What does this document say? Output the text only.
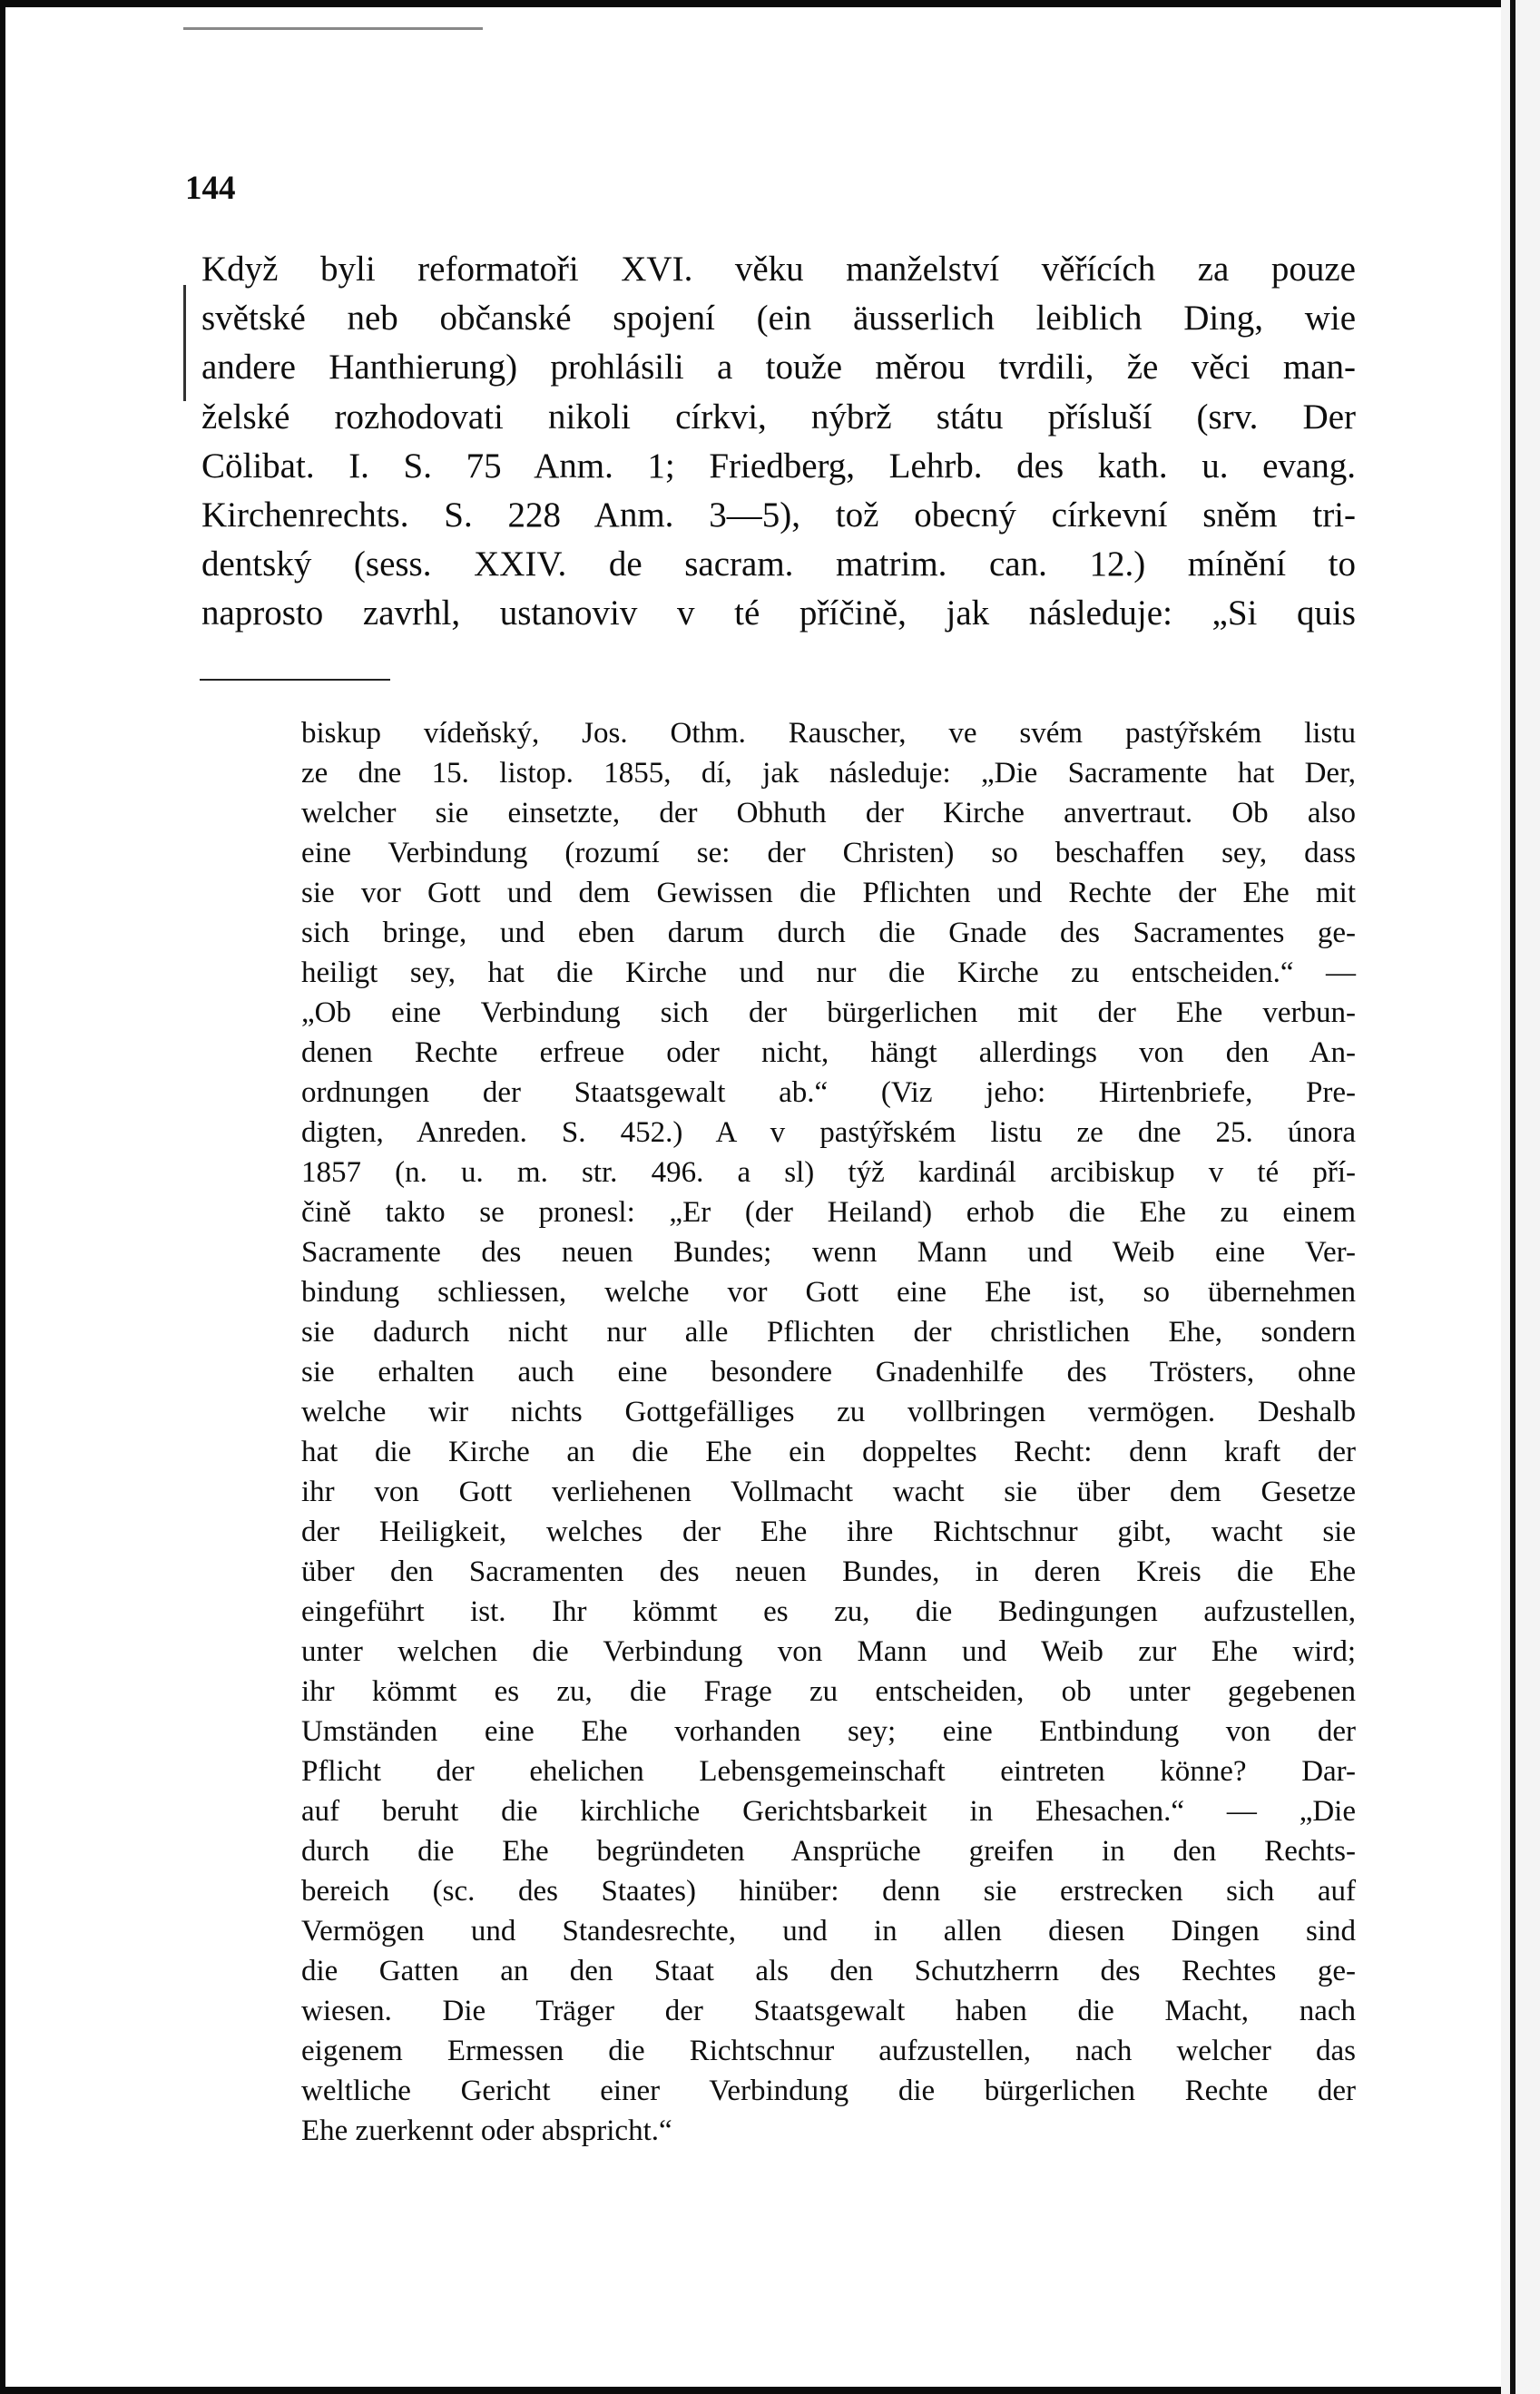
144
Když byli reformatoři XVI. věku manželství věřících za pouze
světské neb občanské spojení (ein äusserlich leiblich Ding, wie
andere Hanthierung) prohlásili a touže měrou tvrdili, že věci man-
želské rozhodovati nikoli církvi, nýbrž státu přísluší (srv. Der
Cölibat. I. S. 75 Anm. 1; Friedberg, Lehrb. des kath. u. evang.
Kirchenrechts. S. 228 Anm. 3—5), tož obecný církevní sněm tri-
dentský (sess. XXIV. de sacram. matrim. can. 12.) mínění to
naprosto zavrhl, ustanoviv v té příčině, jak následuje: „Si quis
biskup vídeňský, Jos. Othm. Rauscher, ve svém pastýřském listu
ze dne 15. listop. 1855, dí, jak následuje: „Die Sacramente hat Der,
welcher sie einsetzte, der Obhuth der Kirche anvertraut. Ob also
eine Verbindung (rozumí se: der Christen) so beschaffen sey, dass
sie vor Gott und dem Gewissen die Pflichten und Rechte der Ehe mit
sich bringe, und eben darum durch die Gnade des Sacramentes ge-
heiligt sey, hat die Kirche und nur die Kirche zu entscheiden.“ —
„Ob eine Verbindung sich der bürgerlichen mit der Ehe verbun-
denen Rechte erfreue oder nicht, hängt allerdings von den An-
ordnungen der Staatsgewalt ab.“ (Viz jeho: Hirtenbriefe, Pre-
digten, Anreden. S. 452.) A v pastýřském listu ze dne 25. února
1857 (n. u. m. str. 496. a sl) týž kardinál arcibiskup v té pří-
čině takto se pronesl: „Er (der Heiland) erhob die Ehe zu einem
Sacramente des neuen Bundes; wenn Mann und Weib eine Ver-
bindung schliessen, welche vor Gott eine Ehe ist, so übernehmen
sie dadurch nicht nur alle Pflichten der christlichen Ehe, sondern
sie erhalten auch eine besondere Gnadenhilfe des Trösters, ohne
welche wir nichts Gottgefälliges zu vollbringen vermögen. Deshalb
hat die Kirche an die Ehe ein doppeltes Recht: denn kraft der
ihr von Gott verliehenen Vollmacht wacht sie über dem Gesetze
der Heiligkeit, welches der Ehe ihre Richtschnur gibt, wacht sie
über den Sacramenten des neuen Bundes, in deren Kreis die Ehe
eingeführt ist. Ihr kömmt es zu, die Bedingungen aufzustellen,
unter welchen die Verbindung von Mann und Weib zur Ehe wird;
ihr kömmt es zu, die Frage zu entscheiden, ob unter gegebenen
Umständen eine Ehe vorhanden sey; eine Entbindung von der
Pflicht der ehelichen Lebensgemeinschaft eintreten könne? Dar-
auf beruht die kirchliche Gerichtsbarkeit in Ehesachen.“ — „Die
durch die Ehe begründeten Ansprüche greifen in den Rechts-
bereich (sc. des Staates) hinüber: denn sie erstrecken sich auf
Vermögen und Standesrechte, und in allen diesen Dingen sind
die Gatten an den Staat als den Schutzherrn des Rechtes ge-
wiesen. Die Träger der Staatsgewalt haben die Macht, nach
eigenem Ermessen die Richtschnur aufzustellen, nach welcher das
weltliche Gericht einer Verbindung die bürgerlichen Rechte der
Ehe zuerkennt oder abspricht.“
